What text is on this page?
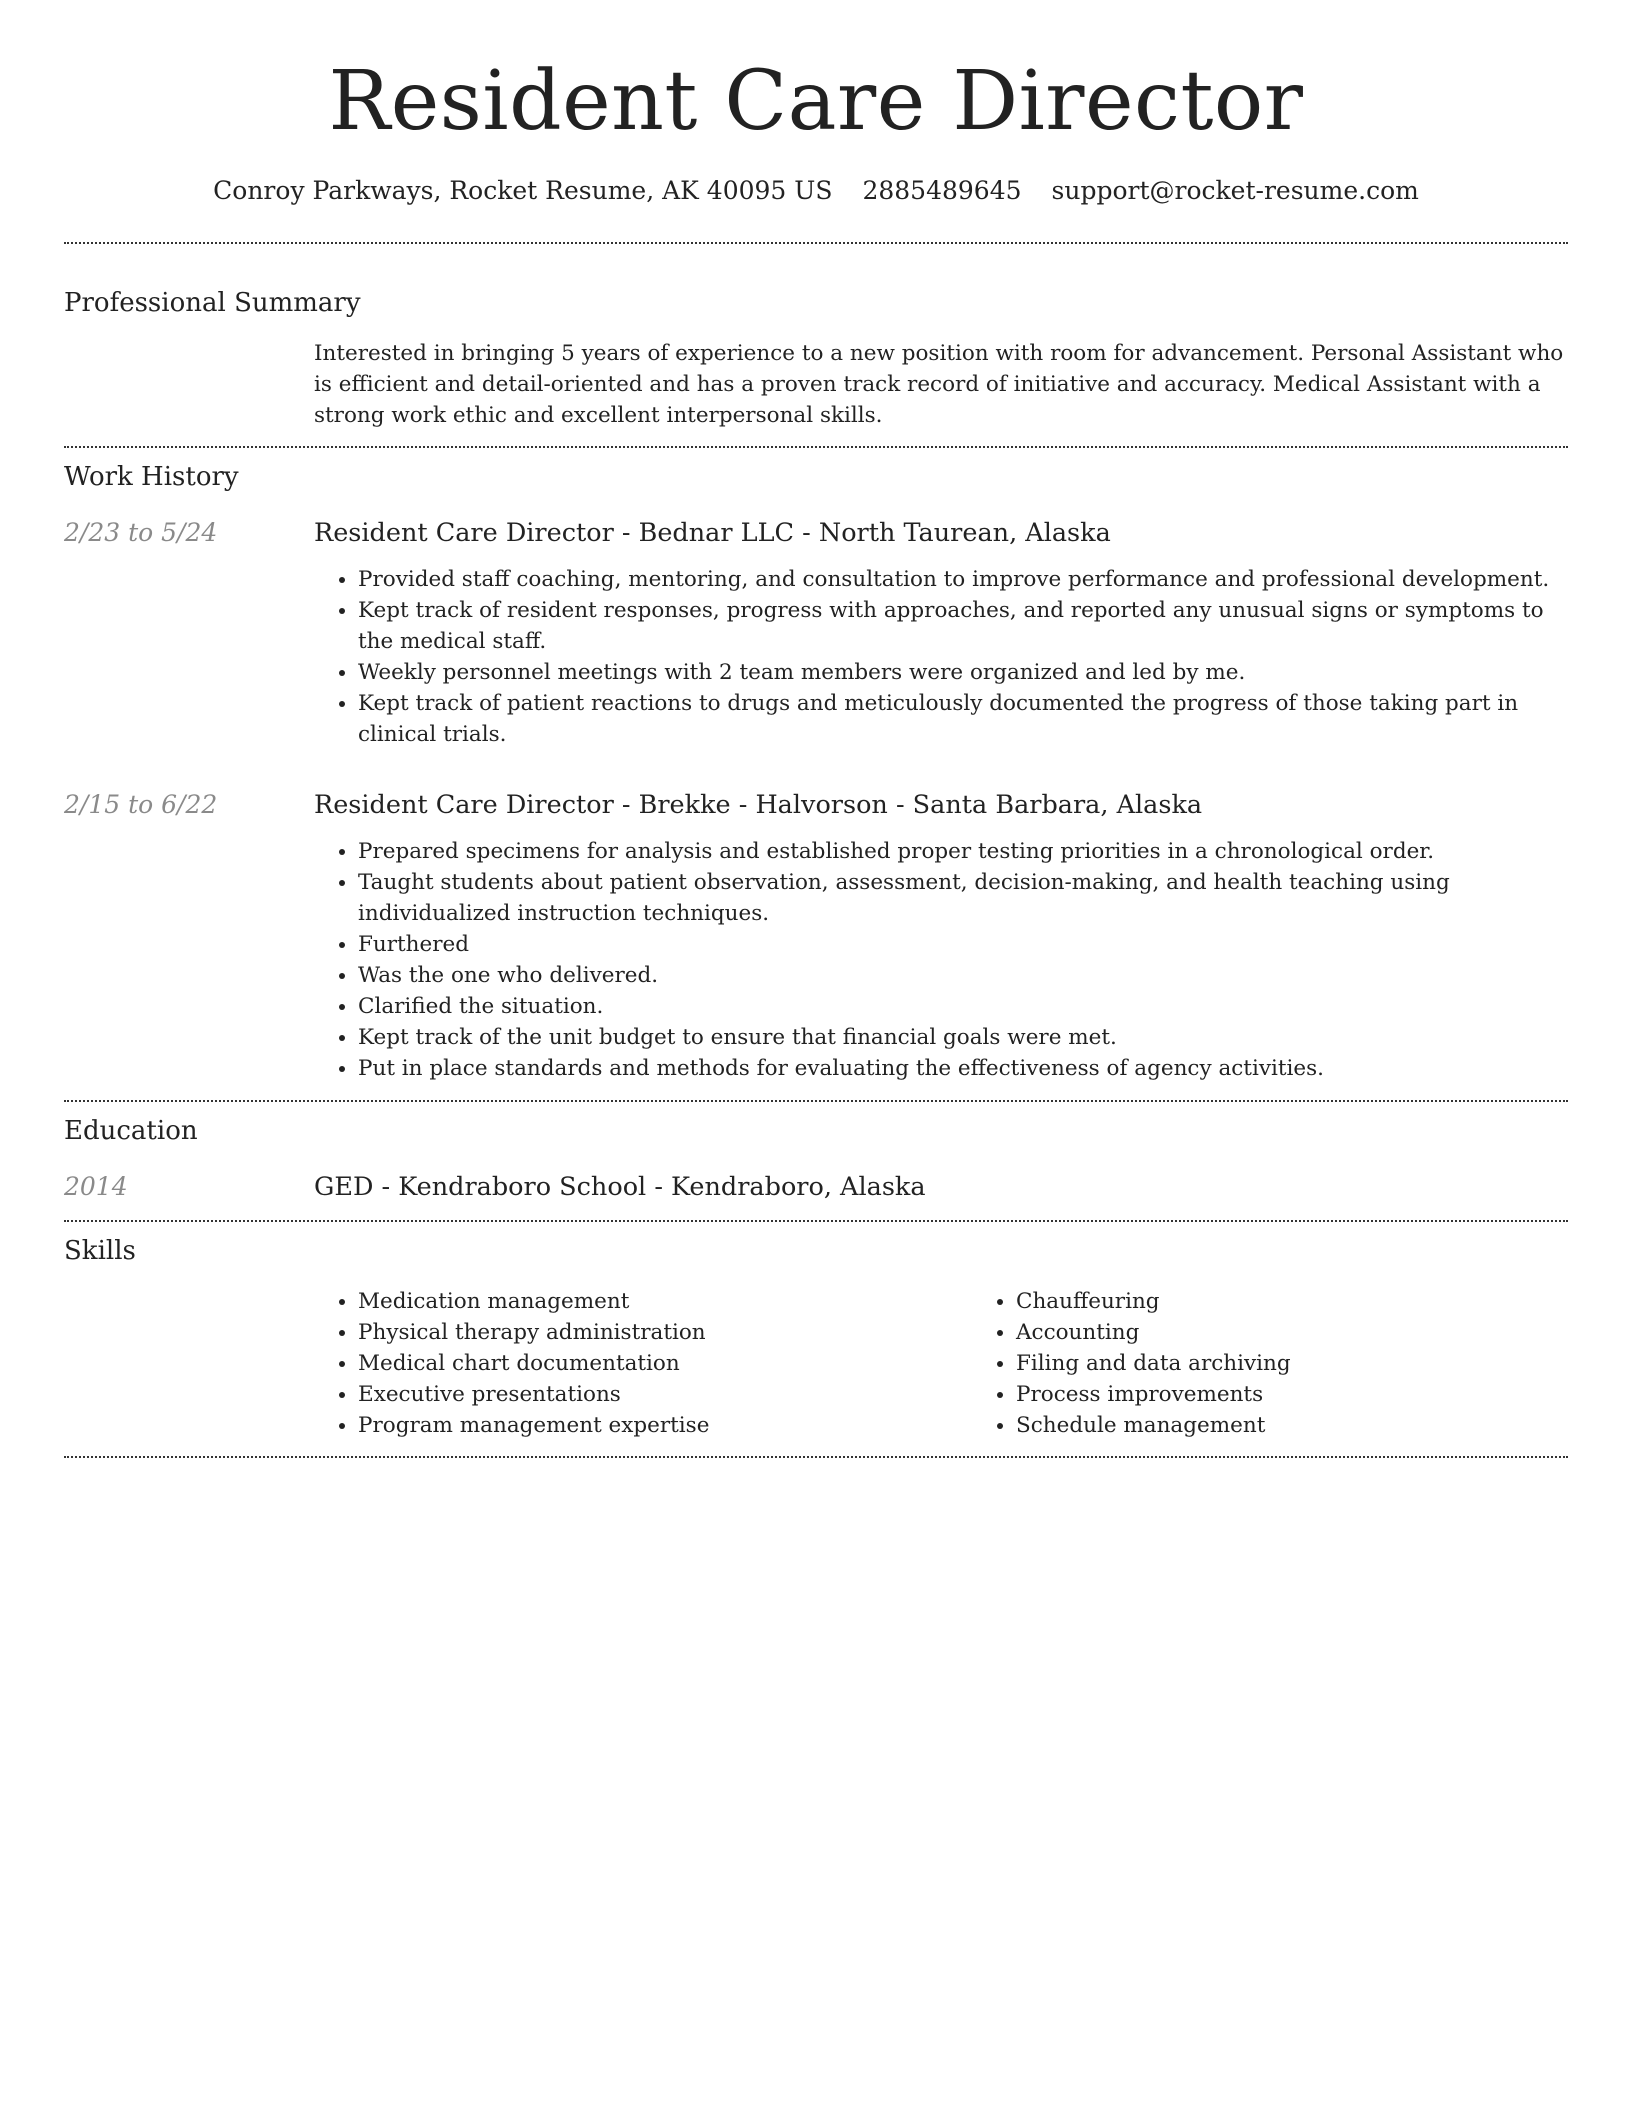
Resident Care Director
Conroy Parkways, Rocket Resume, AK 40095 US 2885489645 support@rocket-resume.com
Professional Summary

Interested in bringing 5 years of experience to a new position with room for advancement. Personal Assistant who is efficient and detail-oriented and has a proven track record of initiative and accuracy. Medical Assistant with a strong work ethic and excellent interpersonal skills.

Work History
2/23 to 5/24	Resident Care Director - Bednar LLC - North Taurean, Alaska
• Provided staff coaching, mentoring, and consultation to improve performance and professional development.
• Kept track of resident responses, progress with approaches, and reported any unusual signs or symptoms to the medical staff.
• Weekly personnel meetings with 2 team members were organized and led by me.
• Kept track of patient reactions to drugs and meticulously documented the progress of those taking part in clinical trials.
2/15 to 6/22	Resident Care Director - Brekke - Halvorson - Santa Barbara, Alaska
• Prepared specimens for analysis and established proper testing priorities in a chronological order.
• Taught students about patient observation, assessment, decision-making, and health teaching using individualized instruction techniques.
• Furthered
• Was the one who delivered.
• Clarified the situation.
• Kept track of the unit budget to ensure that financial goals were met.
• Put in place standards and methods for evaluating the effectiveness of agency activities.
Education
2014	GED - Kendraboro School - Kendraboro, Alaska
Skills
• Medication management
• Physical therapy administration
• Medical chart documentation
• Executive presentations
• Program management expertise
• Chauffeuring
• Accounting
• Filing and data archiving
• Process improvements
• Schedule management
